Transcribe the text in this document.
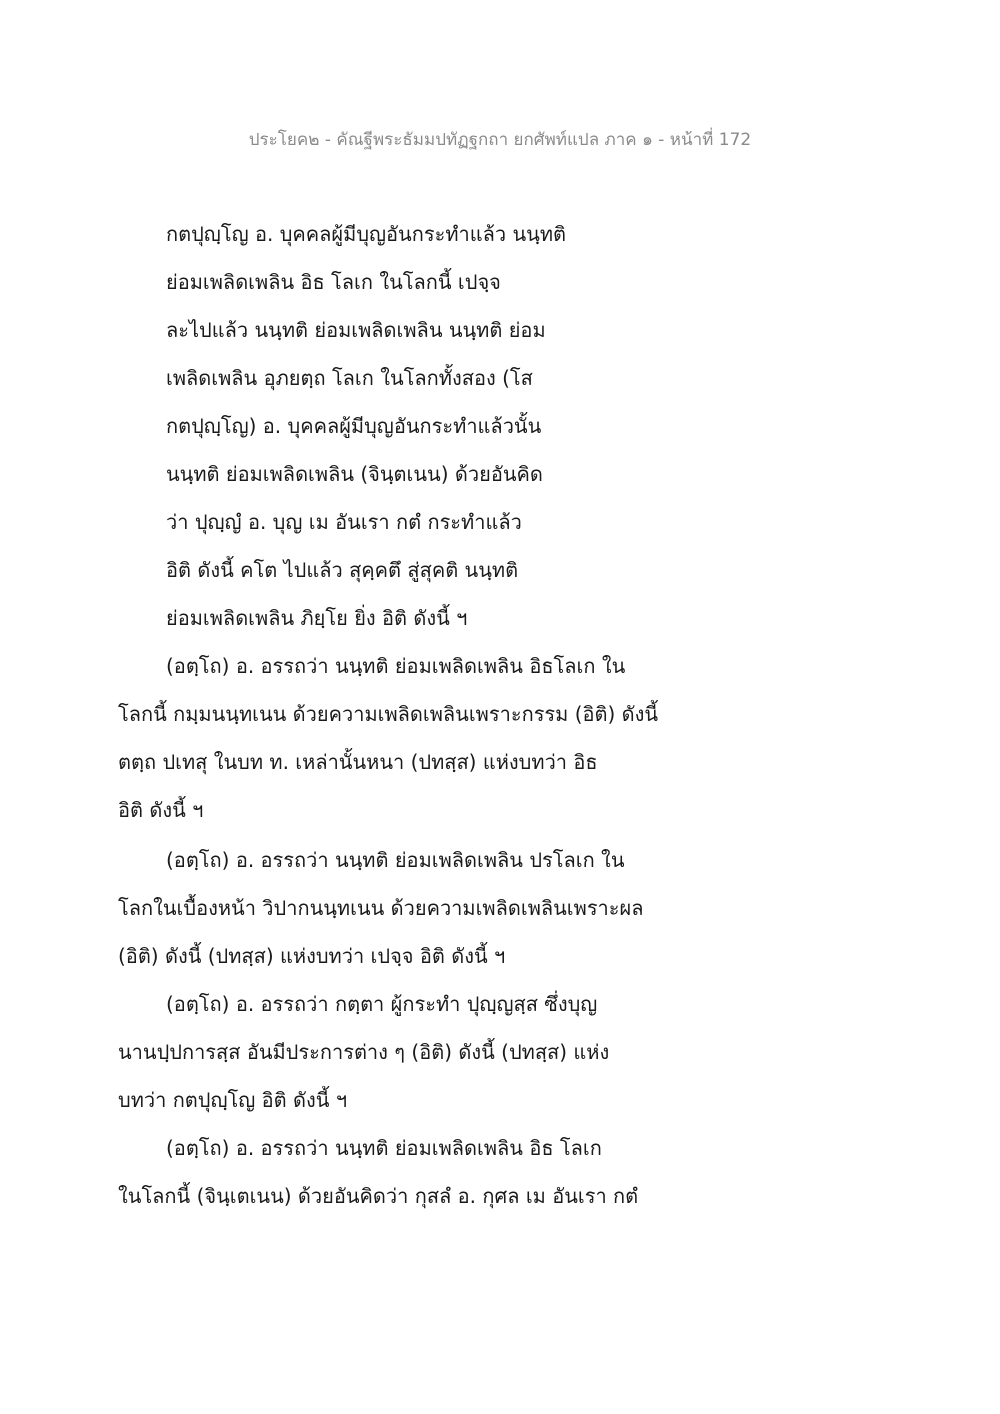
ประโยค๒ - คัณฐีพระธัมมปทัฏฐกถา ยกศัพท์แปล ภาค ๑ - หน้าที่ 172
กตปุญฺโญ อ. บุคคลผู้มีบุญอันกระทำแล้ว นนฺทติ
ย่อมเพลิดเพลิน อิธ โลเก ในโลกนี้ เปจฺจ
ละไปแล้ว นนฺทติ ย่อมเพลิดเพลิน นนฺทติ ย่อม
เพลิดเพลิน อุภยตฺถ โลเก ในโลกทั้งสอง (โส
กตปุญฺโญ) อ. บุคคลผู้มีบุญอันกระทำแล้วนั้น
นนฺทติ ย่อมเพลิดเพลิน (จินฺตเนน) ด้วยอันคิด
ว่า ปุญฺญํ อ. บุญ เม อันเรา กตํ กระทำแล้ว
อิติ ดังนี้ คโต ไปแล้ว สุคฺคตึ สู่สุคติ นนฺทติ
ย่อมเพลิดเพลิน ภิยฺโย ยิ่ง อิติ ดังนี้ ฯ
(อตฺโถ) อ. อรรถว่า นนฺทติ ย่อมเพลิดเพลิน อิธโลเก ใน
โลกนี้ กมฺมนนฺทเนน ด้วยความเพลิดเพลินเพราะกรรม (อิติ) ดังนี้
ตตฺถ ปเทสุ ในบท ท. เหล่านั้นหนา (ปทสฺส) แห่งบทว่า อิธ
อิติ ดังนี้ ฯ
(อตฺโถ) อ. อรรถว่า นนฺทติ ย่อมเพลิดเพลิน ปรโลเก ใน
โลกในเบื้องหน้า วิปากนนฺทเนน ด้วยความเพลิดเพลินเพราะผล
(อิติ) ดังนี้ (ปทสฺส) แห่งบทว่า เปจฺจ อิติ ดังนี้ ฯ
(อตฺโถ) อ. อรรถว่า กตฺตา ผู้กระทำ ปุญฺญสฺส ซึ่งบุญ
นานปฺปการสฺส อันมีประการต่าง ๆ (อิติ) ดังนี้ (ปทสฺส) แห่ง
บทว่า กตปุญฺโญ อิติ ดังนี้ ฯ
(อตฺโถ) อ. อรรถว่า นนฺทติ ย่อมเพลิดเพลิน อิธ โลเก
ในโลกนี้ (จินฺเตเนน) ด้วยอันคิดว่า กุสลํ อ. กุศล เม อันเรา กตํ
